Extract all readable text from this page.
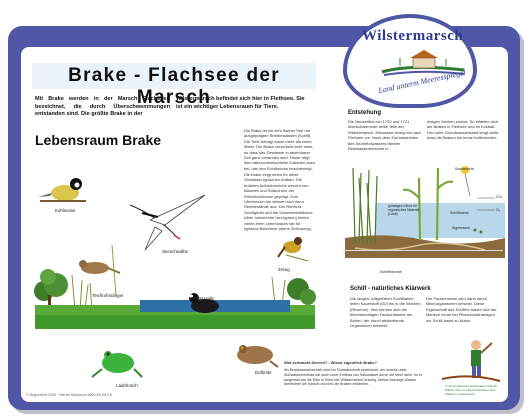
Wilstermarsch
Land unterm Meeresspiegel
Brake - Flachsee der Marsch
Mit Brake werden in der Marsch Flachseen bezeichnet, die durch Überschwemmungen entstanden sind. Die größte Brake in der
Wilstermarsch befindet sich hier in Flethsee. Sie ist ein wichtiger Lebensraum für Tiere.
Lebensraum Brake
Die Brake ist ein sehr flacher See mit ausgeprägten Reetbeständen (Schilf). Die Tiefe beträgt kaum mehr als einen Meter. Die Brake verschlickt sehr stark, so dass das Gewässer in absehbarer Zeit ganz verlanden wird. Heute trägt das naturschutzfachliche Zutrauen dazu bei, das den Schilfwuchs beschleunigt.
Die Brake zeigt einen für diese Gewässer typischen Aufbau. Die buderen Außenbereiche werden von Bäumen und Sträuchern der Weichholzzaune geprägt. Zum Uferbereich hin dehnen sich dann Reetbestände aus. Der Röhricht-Schilfgürtel und die Schwimmblattzone (über Jahrzehnte hier typisch) bieten vielen ihren Lebensraum hat für typische Bewohner (siehe Zeichnung).
Kohlmeise
Seeschwalbe
Zeisig
Teichrohrsänger
Blässralle
Laubfrosch
Erdkröte
Bäume / Sträucher
Röhricht (Schilfbestände)
Schwimmblattzone
Entstehung
Die Neuzeitflut von 1720 und 1721 überschwemmte weite Teile der Wilstermarsch. Elbwasser drang bis nach Flethsee vor. Nach dem Zurückweichen des Sturmflutwassers blieben Restwasserbereiche in
einigen Senken zurück. So bildeten sich die Braken in Flethsee und im Eckkati. Der hohe Grundwasserstand sorgt dafür, dass die Braken bis heute fortbestehen.
Sonnenlicht
CO₂
O₂
günstiges Klima für organisches Material (Laub)	Schilfhalme
Algenrasen
Schilfrhizome
Schilf - natürliches Klärwerk
Die langen, luftgefüllten Schilfhalme leiten Sauerstoff (O2) bis in die Wurzeln (Rhizome). Hier können sich die lebenswichtigen Faulschlämme am Boden, der durch absterbende Organismen entsteht.
Der Faulschlamm wird dann durch Mikroorganismen zersetzt. Diese Eigenschaft des Schilfes macht sich der Mensch heute bei Pflanzenkläranlagen zur Schilf-basis zu Nutze.
Wat schwackt Siereni? - Wieso eigentlich Brake?
Als Brackwasserbereich wird ein Flussabschnitt bezeichnet, der sowohl unter Süßwassereinfluss wie auch unter Einfluss von Salzwasser durch die Meer steht. Ist er tangential wie die Elbe in Höhe der Wilstermarsch brackig. Dieses brackige Wasser überflutete die Marsch und ließ die Braken entstehen.	In der Kinderwelt Landschaften Marsch Wilster Infos zu Naturerlebnissen und Stationen Lebensraum
© Begrünfeld 2005 · Werbe Studiosus 5660 E6 E6 E6
